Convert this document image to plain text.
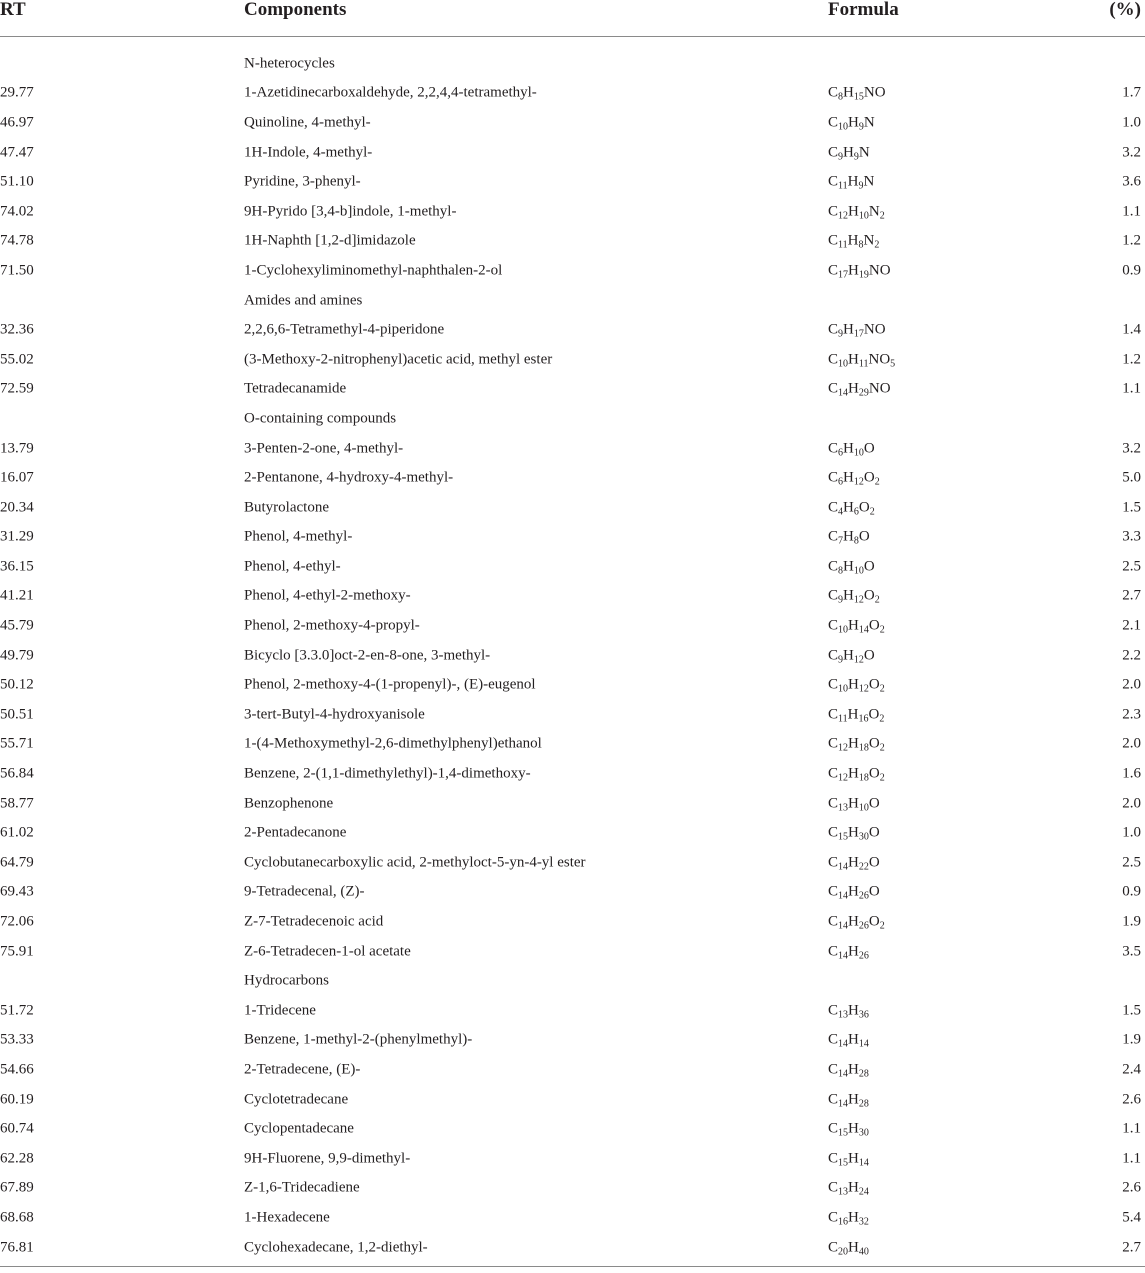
RT	Components	Formula	(%)
N-heterocycles
29.77	1-Azetidinecarboxaldehyde, 2,2,4,4-tetramethyl-	$C_8H_{15}NO$	1.7
46.97	Quinoline, 4-methyl-	$C_{10}H_9N$	1.0
47.47	1H-Indole, 4-methyl-	$C_9H_9N$	3.2
51.10	Pyridine, 3-phenyl-	$C_{11}H_9N$	3.6
74.02	9H-Pyrido [3,4-b]indole, 1-methyl-	$C_{12}H_{10}N_2$	1.1
74.78	1H-Naphth [1,2-d]imidazole	$C_{11}H_8N_2$	1.2
71.50	1-Cyclohexyliminomethyl-naphthalen-2-ol	$C_{17}H_{19}NO$	0.9
Amides and amines
32.36	2,2,6,6-Tetramethyl-4-piperidone	$C_9H_{17}NO$	1.4
55.02	(3-Methoxy-2-nitrophenyl)acetic acid, methyl ester	$C_{10}H_{11}NO_5$	1.2
72.59	Tetradecanamide	$C_{14}H_{29}NO$	1.1
O-containing compounds
13.79	3-Penten-2-one, 4-methyl-	$C_6H_{10}O$	3.2
16.07	2-Pentanone, 4-hydroxy-4-methyl-	$C_6H_{12}O_2$	5.0
20.34	Butyrolactone	$C_4H_6O_2$	1.5
31.29	Phenol, 4-methyl-	$C_7H_8O$	3.3
36.15	Phenol, 4-ethyl-	$C_8H_{10}O$	2.5
41.21	Phenol, 4-ethyl-2-methoxy-	$C_9H_{12}O_2$	2.7
45.79	Phenol, 2-methoxy-4-propyl-	$C_{10}H_{14}O_2$	2.1
49.79	Bicyclo [3.3.0]oct-2-en-8-one, 3-methyl-	$C_9H_{12}O$	2.2
50.12	Phenol, 2-methoxy-4-(1-propenyl)-, (E)-eugenol	$C_{10}H_{12}O_2$	2.0
50.51	3-tert-Butyl-4-hydroxyanisole	$C_{11}H_{16}O_2$	2.3
55.71	1-(4-Methoxymethyl-2,6-dimethylphenyl)ethanol	$C_{12}H_{18}O_2$	2.0
56.84	Benzene, 2-(1,1-dimethylethyl)-1,4-dimethoxy-	$C_{12}H_{18}O_2$	1.6
58.77	Benzophenone	$C_{13}H_{10}O$	2.0
61.02	2-Pentadecanone	$C_{15}H_{30}O$	1.0
64.79	Cyclobutanecarboxylic acid, 2-methyloct-5-yn-4-yl ester	$C_{14}H_{22}O$	2.5
69.43	9-Tetradecenal, (Z)-	$C_{14}H_{26}O$	0.9
72.06	Z-7-Tetradecenoic acid	$C_{14}H_{26}O_2$	1.9
75.91	Z-6-Tetradecen-1-ol acetate	$C_{14}H_{26}$	3.5
Hydrocarbons
51.72	1-Tridecene	$C_{13}H_{36}$	1.5
53.33	Benzene, 1-methyl-2-(phenylmethyl)-	$C_{14}H_{14}$	1.9
54.66	2-Tetradecene, (E)-	$C_{14}H_{28}$	2.4
60.19	Cyclotetradecane	$C_{14}H_{28}$	2.6
60.74	Cyclopentadecane	$C_{15}H_{30}$	1.1
62.28	9H-Fluorene, 9,9-dimethyl-	$C_{15}H_{14}$	1.1
67.89	Z-1,6-Tridecadiene	$C_{13}H_{24}$	2.6
68.68	1-Hexadecene	$C_{16}H_{32}$	5.4
76.81	Cyclohexadecane, 1,2-diethyl-	$C_{20}H_{40}$	2.7
